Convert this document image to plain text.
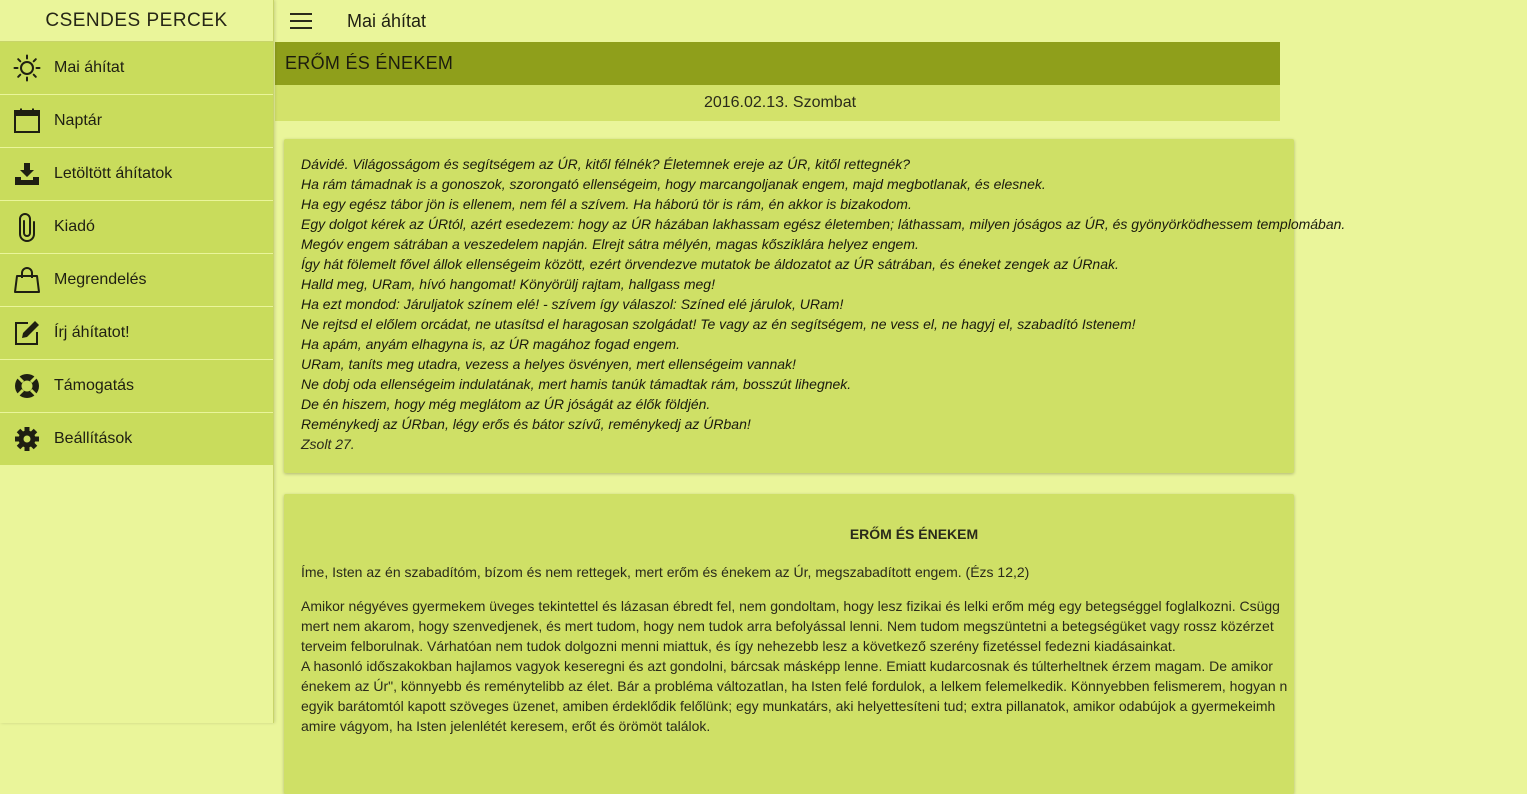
CSENDES PERCEK
Mai áhítat
Naptár
Letöltött áhítatok
Kiadó
Megrendelés
Írj áhítatot!
Támogatás
Beállítások
Mai áhítat
ERŐM ÉS ÉNEKEM
2016.02.13. Szombat
Dávidé. Világosságom és segítségem az ÚR, kitől félnék? Életemnek ereje az ÚR, kitől rettegnék?
Ha rám támadnak is a gonoszok, szorongató ellenségeim, hogy marcangoljanak engem, majd megbotlanak, és elesnek.
Ha egy egész tábor jön is ellenem, nem fél a szívem. Ha háború tör is rám, én akkor is bizakodom.
Egy dolgot kérek az ÚRtól, azért esedezem: hogy az ÚR házában lakhassam egész életemben; láthassam, milyen jóságos az ÚR, és gyönyörködhessem templomában.
Megóv engem sátrában a veszedelem napján. Elrejt sátra mélyén, magas kősziklára helyez engem.
Így hát fölemelt fővel állok ellenségeim között, ezért örvendezve mutatok be áldozatot az ÚR sátrában, és éneket zengek az ÚRnak.
Halld meg, URam, hívó hangomat! Könyörülj rajtam, hallgass meg!
Ha ezt mondod: Járuljatok színem elé! - szívem így válaszol: Színed elé járulok, URam!
Ne rejtsd el előlem orcádat, ne utasítsd el haragosan szolgádat! Te vagy az én segítségem, ne vess el, ne hagyj el, szabadító Istenem!
Ha apám, anyám elhagyna is, az ÚR magához fogad engem.
URam, taníts meg utadra, vezess a helyes ösvényen, mert ellenségeim vannak!
Ne dobj oda ellenségeim indulatának, mert hamis tanúk támadtak rám, bosszút lihegnek.
De én hiszem, hogy még meglátom az ÚR jóságát az élők földjén.
Reménykedj az ÚRban, légy erős és bátor szívű, reménykedj az ÚRban!
Zsolt 27.
ERŐM ÉS ÉNEKEM
Íme, Isten az én szabadítóm, bízom és nem rettegek, mert erőm és énekem az Úr, megszabadított engem. (Ézs 12,2)
Amikor négyéves gyermekem üveges tekintettel és lázasan ébredt fel, nem gondoltam, hogy lesz fizikai és lelki erőm még egy betegséggel foglalkozni. Csügg
mert nem akarom, hogy szenvedjenek, és mert tudom, hogy nem tudok arra befolyással lenni. Nem tudom megszüntetni a betegségüket vagy rossz közérzet
terveim felborulnak. Várhatóan nem tudok dolgozni menni miattuk, és így nehezebb lesz a következő szerény fizetéssel fedezni kiadásainkat.
A hasonló időszakokban hajlamos vagyok keseregni és azt gondolni, bárcsak másképp lenne. Emiatt kudarcosnak és túlterheltnek érzem magam. De amikor
énekem az Úr", könnyebb és reménytelibb az élet. Bár a probléma változatlan, ha Isten felé fordulok, a lelkem felemelkedik. Könnyebben felismerem, hogyan n
egyik barátomtól kapott szöveges üzenet, amiben érdeklődik felőlünk; egy munkatárs, aki helyettesíteni tud; extra pillanatok, amikor odabújok a gyermekeimh
amire vágyom, ha Isten jelenlétét keresem, erőt és örömöt találok.
